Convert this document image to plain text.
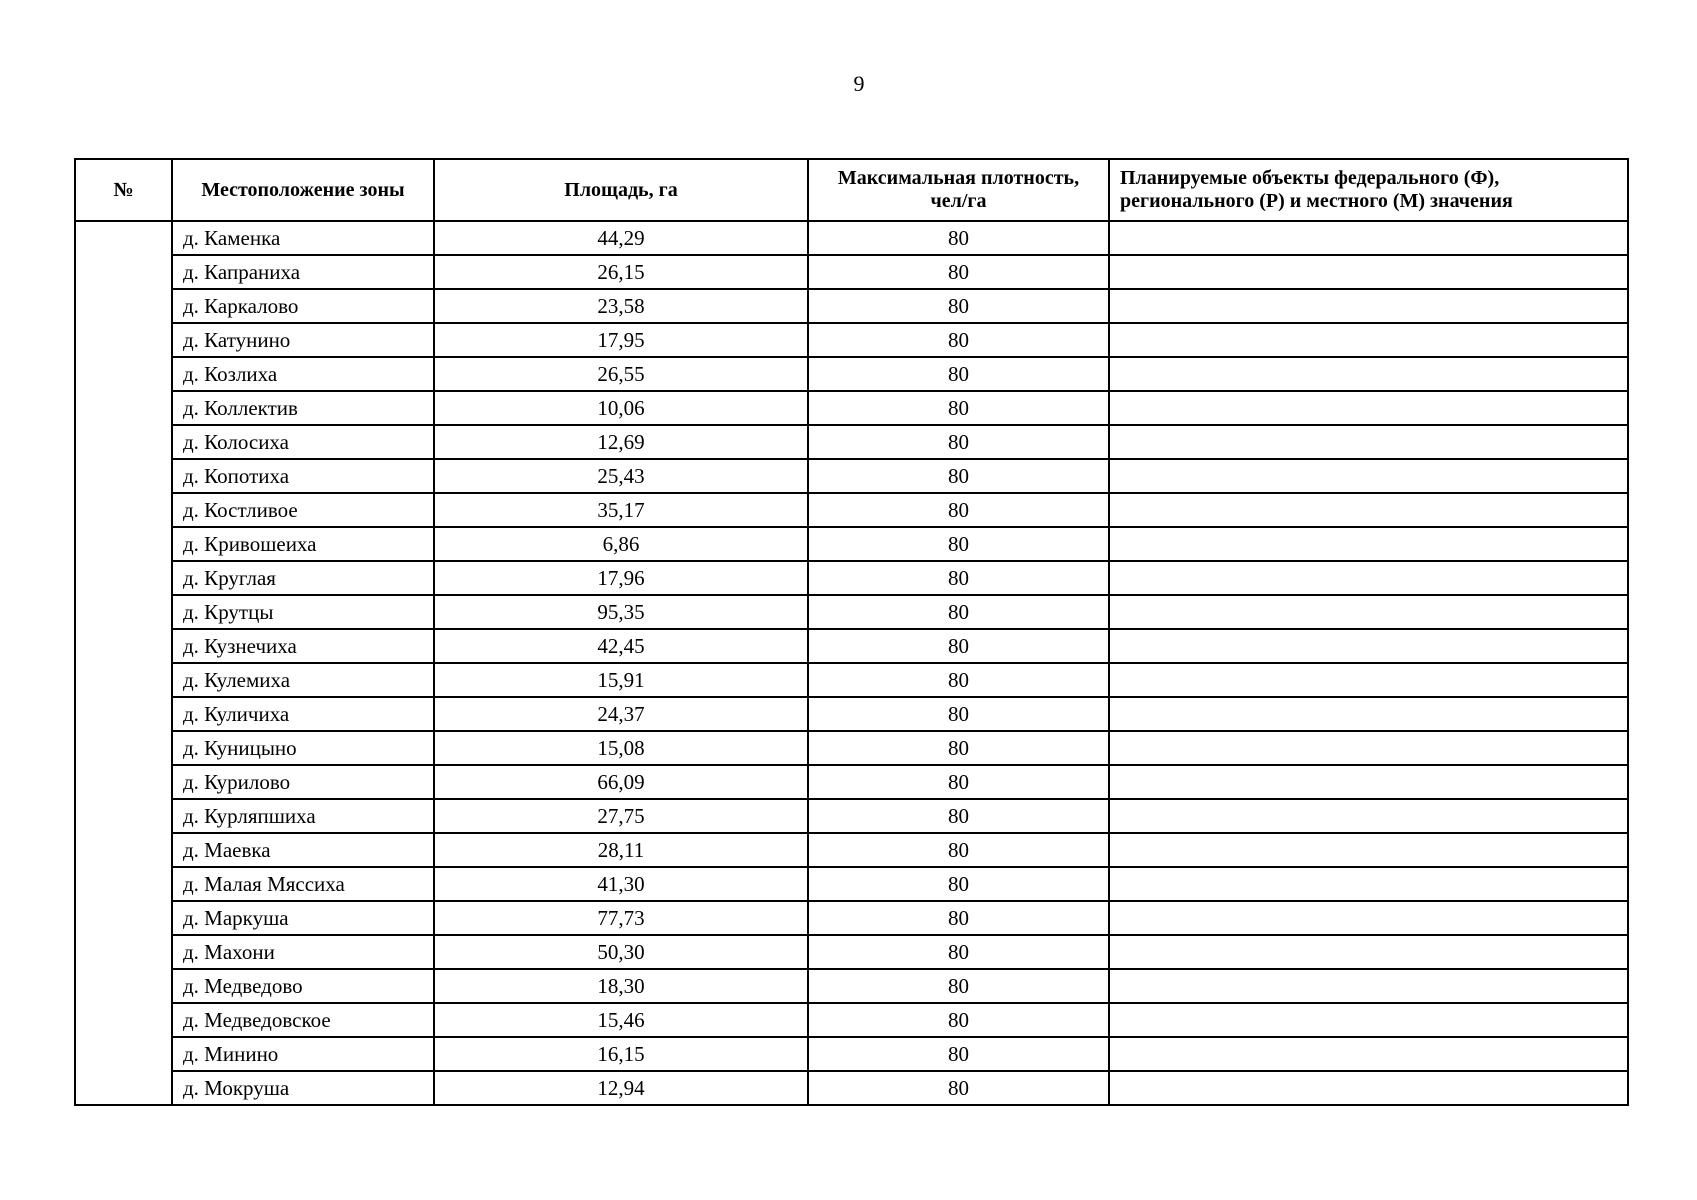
9
№	Местоположение зоны	Площадь, га	Максимальная плотность,
чел/га	Планируемые объекты федерального (Ф),
регионального (Р) и местного (М) значения
	д. Каменка	44,29	80	
	д. Капраниха	26,15	80	
	д. Каркалово	23,58	80	
	д. Катунино	17,95	80	
	д. Козлиха	26,55	80	
	д. Коллектив	10,06	80	
	д. Колосиха	12,69	80	
	д. Копотиха	25,43	80	
	д. Костливое	35,17	80	
	д. Кривошеиха	6,86	80	
	д. Круглая	17,96	80	
	д. Крутцы	95,35	80	
	д. Кузнечиха	42,45	80	
	д. Кулемиха	15,91	80	
	д. Куличиха	24,37	80	
	д. Куницыно	15,08	80	
	д. Курилово	66,09	80	
	д. Курляпшиха	27,75	80	
	д. Маевка	28,11	80	
	д. Малая Мяссиха	41,30	80	
	д. Маркуша	77,73	80	
	д. Махони	50,30	80	
	д. Медведово	18,30	80	
	д. Медведовское	15,46	80	
	д. Минино	16,15	80	
	д. Мокруша	12,94	80	
